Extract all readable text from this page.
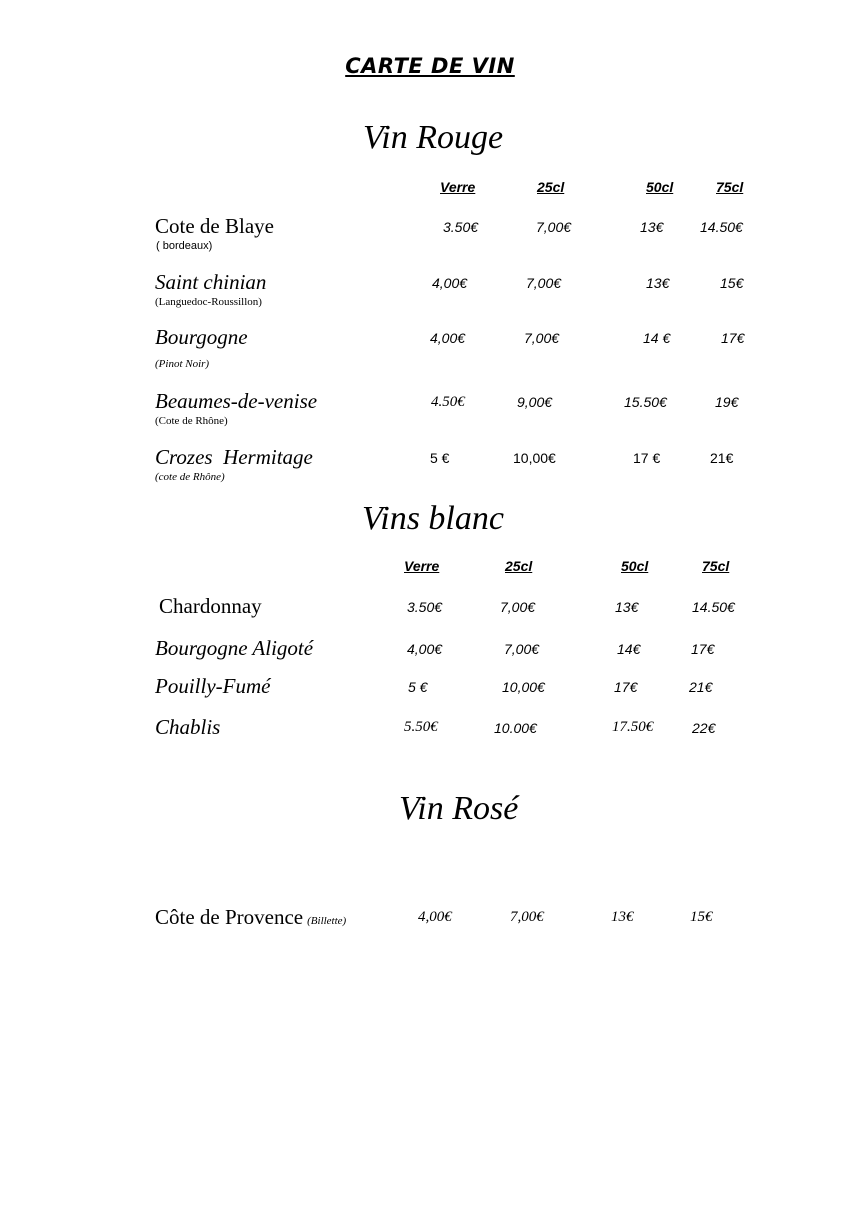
CARTE DE VIN
Vin Rouge
Verre	25cl	50cl	75cl
Cote de Blaye
( bordeaux)
3.50€	7,00€	13€	14.50€
Saint chinian
(Languedoc-Roussillon)
4,00€	7,00€	13€	15€
Bourgogne
(Pinot Noir)
4,00€	7,00€	14 €	17€
Beaumes-de-venise
(Cote de Rhône)
4.50€	9,00€	15.50€	19€
Crozes  Hermitage
(cote de Rhône)
5 €	10,00€	17 €	21€
Vins blanc
Verre	25cl	50cl	75cl
Chardonnay	3.50€	7,00€	13€	14.50€
Bourgogne Aligoté	4,00€	7,00€	14€	17€
Pouilly-Fumé	5 €	10,00€	17€	21€
Chablis	5.50€	10.00€	17.50€	22€
Vin Rosé
Côte de Provence (Billette)	4,00€	7,00€	13€	15€
